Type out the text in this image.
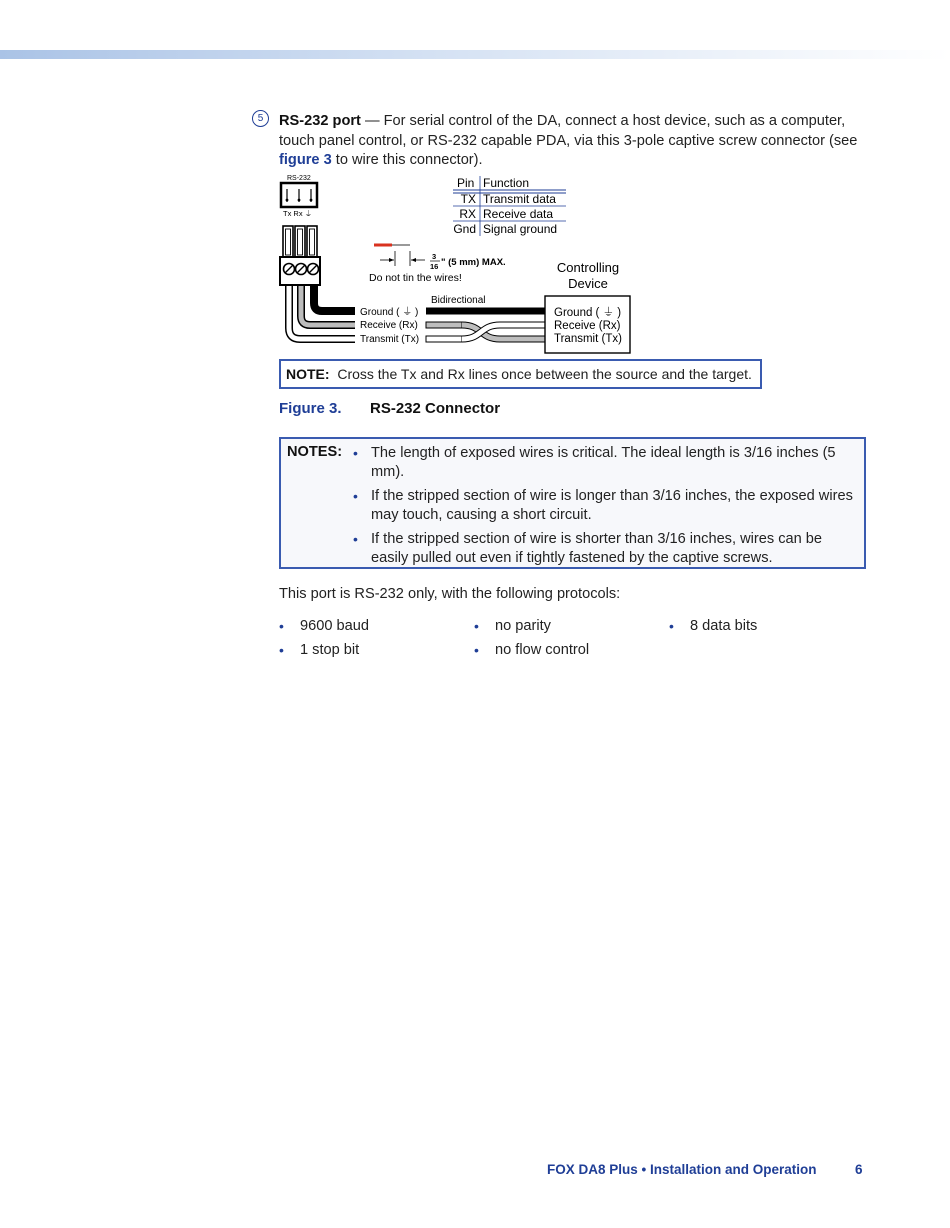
5	RS-232 port — For serial control of the DA, connect a host device, such as a computer, touch panel control, or RS-232 capable PDA, via this 3-pole captive screw connector (see figure 3 to wire this connector).
RS-232
Tx Rx ⏚
Ground ( ⏚ )
Receive (Rx)
Transmit (Tx)
3
16 " (5 mm) MAX.
Do not tin the wires!
Pin Function
TX Transmit data
RX Receive data
Gnd Signal ground
Bidirectional
Controlling
Device
Ground ( ⏚ )
Receive (Rx)
Transmit (Tx)
NOTE: Cross the Tx and Rx lines once between the source and the target.
Figure 3. RS-232 Connector
NOTES: • The length of exposed wires is critical. The ideal length is 3/16 inches (5 mm).
• If the stripped section of wire is longer than 3/16 inches, the exposed wires may touch, causing a short circuit.
• If the stripped section of wire is shorter than 3/16 inches, wires can be easily pulled out even if tightly fastened by the captive screws.
This port is RS-232 only, with the following protocols:
• 9600 baud	• no parity	• 8 data bits
• 1 stop bit	• no flow control
FOX DA8 Plus • Installation and Operation	6
